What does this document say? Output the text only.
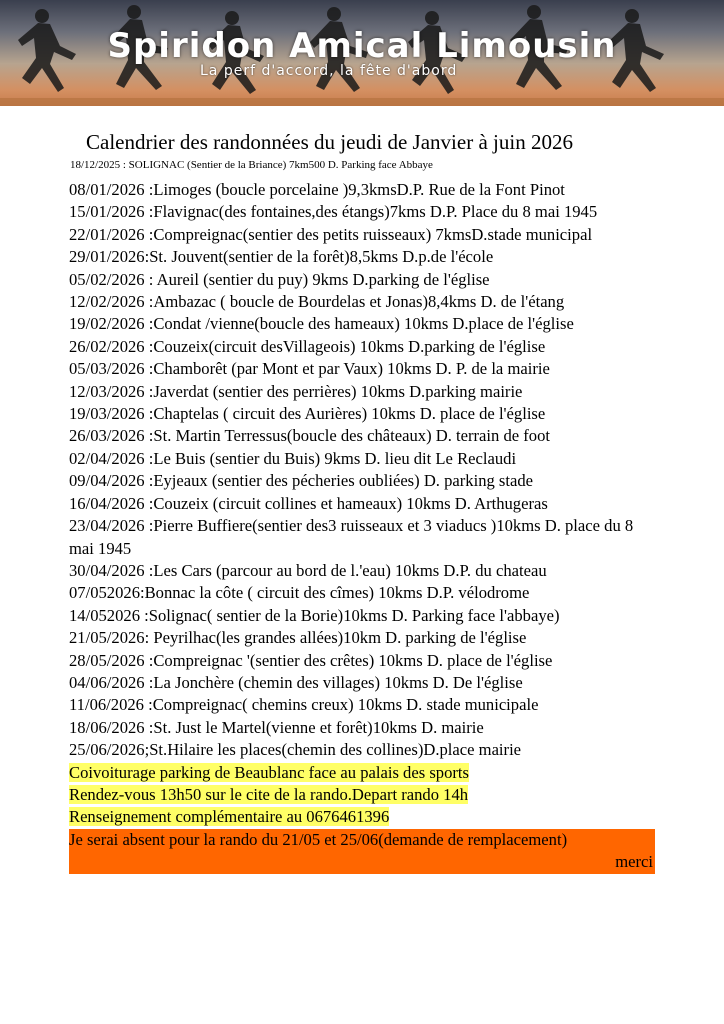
Spiridon Amical Limousin
La perf d'accord, la fête d'abord
Calendrier des randonnées du jeudi de Janvier à juin 2026
18/12/2025 : SOLIGNAC (Sentier de la Briance) 7km500 D. Parking face Abbaye

08/01/2026 :Limoges (boucle porcelaine )9,3kmsD.P. Rue de la Font Pinot

15/01/2026 :Flavignac(des fontaines,des étangs)7kms D.P. Place du 8 mai 1945

22/01/2026 :Compreignac(sentier des petits ruisseaux) 7kmsD.stade municipal

29/01/2026:St. Jouvent(sentier de la forêt)8,5kms D.p.de l'école

05/02/2026 : Aureil (sentier du puy) 9kms D.parking de l'église

12/02/2026 :Ambazac ( boucle de Bourdelas et Jonas)8,4kms D. de l'étang

19/02/2026 :Condat /vienne(boucle des hameaux) 10kms D.place de l'église

26/02/2026 :Couzeix(circuit desVillageois) 10kms D.parking de l'église

05/03/2026 :Chamborêt (par Mont et par Vaux) 10kms D. P. de la mairie

12/03/2026 :Javerdat (sentier des perrières) 10kms D.parking mairie

19/03/2026 :Chaptelas ( circuit des Aurières) 10kms D. place de l'église

26/03/2026 :St. Martin Terressus(boucle des châteaux) D. terrain de foot

02/04/2026 :Le Buis (sentier du Buis) 9kms D. lieu dit Le Reclaudi

09/04/2026 :Eyjeaux (sentier des pécheries oubliées) D. parking stade

16/04/2026 :Couzeix (circuit collines et hameaux) 10kms D. Arthugeras

23/04/2026 :Pierre Buffiere(sentier des3 ruisseaux et 3 viaducs )10kms D. place du 8 mai 1945

30/04/2026 :Les Cars (parcour au bord de l.'eau) 10kms D.P. du chateau

07/052026:Bonnac la côte ( circuit des cîmes) 10kms D.P. vélodrome

14/052026 :Solignac( sentier de la Borie)10kms D. Parking face l'abbaye)

21/05/2026: Peyrilhac(les grandes allées)10km D. parking de l'église

28/05/2026 :Compreignac '(sentier des crêtes) 10kms D. place de l'église

04/06/2026 :La Jonchère (chemin des villages) 10kms D. De l'église

11/06/2026 :Compreignac( chemins creux) 10kms D. stade municipale

18/06/2026 :St. Just le Martel(vienne et forêt)10kms D. mairie

25/06/2026;St.Hilaire les places(chemin des collines)D.place mairie

Coivoiturage parking de Beaublanc face au palais des sports

Rendez-vous 13h50 sur le cite de la rando.Depart rando 14h

Renseignement complémentaire au 0676461396

Je serai absent pour la rando du 21/05 et 25/06(demande de remplacement)
merci
